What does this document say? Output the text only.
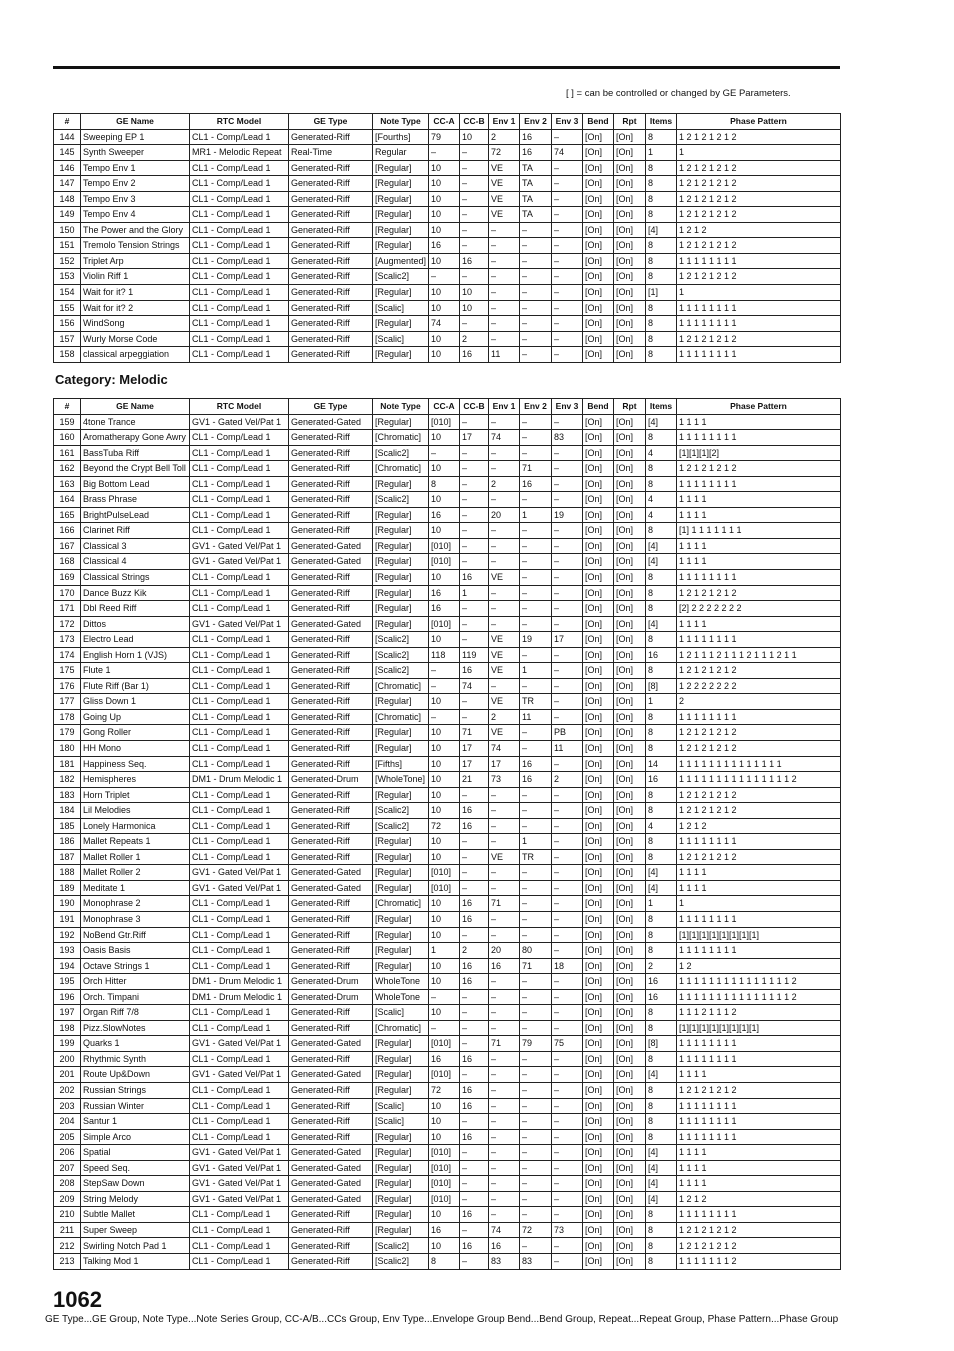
[ ] = can be controlled or changed by GE Parameters.
#	GE Name	RTC Model	GE Type	Note Type	CC-A	CC-B	Env 1	Env 2	Env 3	Bend	Rpt	Items	Phase Pattern
144	Sweeping EP 1	CL1 - Comp/Lead 1	Generated-Riff	[Fourths]	79	10	2	16	–	[On]	[On]	8	1 2 1 2 1 2 1 2
145	Synth Sweeper	MR1 - Melodic Repeat	Real-Time	Regular	–	–	72	16	74	[On]	[On]	1	1
146	Tempo Env 1	CL1 - Comp/Lead 1	Generated-Riff	[Regular]	10	–	VE	TA	–	[On]	[On]	8	1 2 1 2 1 2 1 2
147	Tempo Env 2	CL1 - Comp/Lead 1	Generated-Riff	[Regular]	10	–	VE	TA	–	[On]	[On]	8	1 2 1 2 1 2 1 2
148	Tempo Env 3	CL1 - Comp/Lead 1	Generated-Riff	[Regular]	10	–	VE	TA	–	[On]	[On]	8	1 2 1 2 1 2 1 2
149	Tempo Env 4	CL1 - Comp/Lead 1	Generated-Riff	[Regular]	10	–	VE	TA	–	[On]	[On]	8	1 2 1 2 1 2 1 2
150	The Power and the Glory	CL1 - Comp/Lead 1	Generated-Riff	[Regular]	10	–	–	–	–	[On]	[On]	[4]	1 2 1 2
151	Tremolo Tension Strings	CL1 - Comp/Lead 1	Generated-Riff	[Regular]	16	–	–	–	–	[On]	[On]	8	1 2 1 2 1 2 1 2
152	Triplet Arp	CL1 - Comp/Lead 1	Generated-Riff	[Augmented]	10	16	–	–	–	[On]	[On]	8	1 1 1 1 1 1 1 1
153	Violin Riff 1	CL1 - Comp/Lead 1	Generated-Riff	[Scalic2]	–	–	–	–	–	[On]	[On]	8	1 2 1 2 1 2 1 2
154	Wait for it? 1	CL1 - Comp/Lead 1	Generated-Riff	[Regular]	10	10	–	–	–	[On]	[On]	[1]	1
155	Wait for it? 2	CL1 - Comp/Lead 1	Generated-Riff	[Scalic]	10	10	–	–	–	[On]	[On]	8	1 1 1 1 1 1 1 1
156	WindSong	CL1 - Comp/Lead 1	Generated-Riff	[Regular]	74	–	–	–	–	[On]	[On]	8	1 1 1 1 1 1 1 1
157	Wurly Morse Code	CL1 - Comp/Lead 1	Generated-Riff	[Scalic]	10	2	–	–	–	[On]	[On]	8	1 2 1 2 1 2 1 2
158	classical arpeggiation	CL1 - Comp/Lead 1	Generated-Riff	[Regular]	10	16	11	–	–	[On]	[On]	8	1 1 1 1 1 1 1 1
Category: Melodic
#	GE Name	RTC Model	GE Type	Note Type	CC-A	CC-B	Env 1	Env 2	Env 3	Bend	Rpt	Items	Phase Pattern
159	4tone Trance	GV1 - Gated Vel/Pat 1	Generated-Gated	[Regular]	[010]	–	–	–	–	[On]	[On]	[4]	1 1 1 1
160	Aromatherapy Gone Awry	CL1 - Comp/Lead 1	Generated-Riff	[Chromatic]	10	17	74	–	83	[On]	[On]	8	1 1 1 1 1 1 1 1
161	BassTuba Riff	CL1 - Comp/Lead 1	Generated-Riff	[Scalic2]	–	–	–	–	–	[On]	[On]	4	[1][1][1][2]
162	Beyond the Crypt Bell Toll	CL1 - Comp/Lead 1	Generated-Riff	[Chromatic]	10	–	–	71	–	[On]	[On]	8	1 2 1 2 1 2 1 2
163	Big Bottom Lead	CL1 - Comp/Lead 1	Generated-Riff	[Regular]	8	–	2	16	–	[On]	[On]	8	1 1 1 1 1 1 1 1
164	Brass Phrase	CL1 - Comp/Lead 1	Generated-Riff	[Scalic2]	10	–	–	–	–	[On]	[On]	4	1 1 1 1
165	BrightPulseLead	CL1 - Comp/Lead 1	Generated-Riff	[Regular]	16	–	20	1	19	[On]	[On]	4	1 1 1 1
166	Clarinet Riff	CL1 - Comp/Lead 1	Generated-Riff	[Regular]	10	–	–	–	–	[On]	[On]	8	[1] 1 1 1 1 1 1 1
167	Classical 3	GV1 - Gated Vel/Pat 1	Generated-Gated	[Regular]	[010]	–	–	–	–	[On]	[On]	[4]	1 1 1 1
168	Classical 4	GV1 - Gated Vel/Pat 1	Generated-Gated	[Regular]	[010]	–	–	–	–	[On]	[On]	[4]	1 1 1 1
169	Classical Strings	CL1 - Comp/Lead 1	Generated-Riff	[Regular]	10	16	VE	–	–	[On]	[On]	8	1 1 1 1 1 1 1 1
170	Dance Buzz Kik	CL1 - Comp/Lead 1	Generated-Riff	[Regular]	16	1	–	–	–	[On]	[On]	8	1 2 1 2 1 2 1 2
171	Dbl Reed Riff	CL1 - Comp/Lead 1	Generated-Riff	[Regular]	16	–	–	–	–	[On]	[On]	8	[2] 2 2 2 2 2 2 2
172	Dittos	GV1 - Gated Vel/Pat 1	Generated-Gated	[Regular]	[010]	–	–	–	–	[On]	[On]	[4]	1 1 1 1
173	Electro Lead	CL1 - Comp/Lead 1	Generated-Riff	[Scalic2]	10	–	VE	19	17	[On]	[On]	8	1 1 1 1 1 1 1 1
174	English Horn 1 (VJS)	CL1 - Comp/Lead 1	Generated-Riff	[Scalic2]	118	119	VE	–	–	[On]	[On]	16	1 2 1 1 1 2 1 1 1 2 1 1 1 2 1 1
175	Flute 1	CL1 - Comp/Lead 1	Generated-Riff	[Scalic2]	–	16	VE	1	–	[On]	[On]	8	1 2 1 2 1 2 1 2
176	Flute Riff (Bar 1)	CL1 - Comp/Lead 1	Generated-Riff	[Chromatic]	–	74	–	–	–	[On]	[On]	[8]	1 2 2 2 2 2 2 2
177	Gliss Down 1	CL1 - Comp/Lead 1	Generated-Riff	[Regular]	10	–	VE	TR	–	[On]	[On]	1	2
178	Going Up	CL1 - Comp/Lead 1	Generated-Riff	[Chromatic]	–	–	2	11	–	[On]	[On]	8	1 1 1 1 1 1 1 1
179	Gong Roller	CL1 - Comp/Lead 1	Generated-Riff	[Regular]	10	71	VE	–	PB	[On]	[On]	8	1 2 1 2 1 2 1 2
180	HH Mono	CL1 - Comp/Lead 1	Generated-Riff	[Regular]	10	17	74	–	11	[On]	[On]	8	1 2 1 2 1 2 1 2
181	Happiness Seq.	CL1 - Comp/Lead 1	Generated-Riff	[Fifths]	10	17	17	16	–	[On]	[On]	14	1 1 1 1 1 1 1 1 1 1 1 1 1 1
182	Hemispheres	DM1 - Drum Melodic 1	Generated-Drum	[WholeTone]	10	21	73	16	2	[On]	[On]	16	1 1 1 1 1 1 1 1 1 1 1 1 1 1 1 2
183	Horn Triplet	CL1 - Comp/Lead 1	Generated-Riff	[Regular]	10	–	–	–	–	[On]	[On]	8	1 2 1 2 1 2 1 2
184	Lil Melodies	CL1 - Comp/Lead 1	Generated-Riff	[Scalic2]	10	16	–	–	–	[On]	[On]	8	1 2 1 2 1 2 1 2
185	Lonely Harmonica	CL1 - Comp/Lead 1	Generated-Riff	[Scalic2]	72	16	–	–	–	[On]	[On]	4	1 2 1 2
186	Mallet Repeats 1	CL1 - Comp/Lead 1	Generated-Riff	[Regular]	10	–	–	1	–	[On]	[On]	8	1 1 1 1 1 1 1 1
187	Mallet Roller 1	CL1 - Comp/Lead 1	Generated-Riff	[Regular]	10	–	VE	TR	–	[On]	[On]	8	1 2 1 2 1 2 1 2
188	Mallet Roller 2	GV1 - Gated Vel/Pat 1	Generated-Gated	[Regular]	[010]	–	–	–	–	[On]	[On]	[4]	1 1 1 1
189	Meditate 1	GV1 - Gated Vel/Pat 1	Generated-Gated	[Regular]	[010]	–	–	–	–	[On]	[On]	[4]	1 1 1 1
190	Monophrase 2	CL1 - Comp/Lead 1	Generated-Riff	[Chromatic]	10	16	71	–	–	[On]	[On]	1	1
191	Monophrase 3	CL1 - Comp/Lead 1	Generated-Riff	[Regular]	10	16	–	–	–	[On]	[On]	8	1 1 1 1 1 1 1 1
192	NoBend Gtr.Riff	CL1 - Comp/Lead 1	Generated-Riff	[Regular]	10	–	–	–	–	[On]	[On]	8	[1][1][1][1][1][1][1][1]
193	Oasis Basis	CL1 - Comp/Lead 1	Generated-Riff	[Regular]	1	2	20	80	–	[On]	[On]	8	1 1 1 1 1 1 1 1
194	Octave Strings 1	CL1 - Comp/Lead 1	Generated-Riff	[Regular]	10	16	16	71	18	[On]	[On]	2	1 2
195	Orch Hitter	DM1 - Drum Melodic 1	Generated-Drum	WholeTone	10	16	–	–	–	[On]	[On]	16	1 1 1 1 1 1 1 1 1 1 1 1 1 1 1 2
196	Orch. Timpani	DM1 - Drum Melodic 1	Generated-Drum	WholeTone	–	–	–	–	–	[On]	[On]	16	1 1 1 1 1 1 1 1 1 1 1 1 1 1 1 2
197	Organ Riff 7/8	CL1 - Comp/Lead 1	Generated-Riff	[Scalic]	10	–	–	–	–	[On]	[On]	8	1 1 1 2 1 1 1 2
198	Pizz.SlowNotes	CL1 - Comp/Lead 1	Generated-Riff	[Chromatic]	–	–	–	–	–	[On]	[On]	8	[1][1][1][1][1][1][1][1]
199	Quarks 1	GV1 - Gated Vel/Pat 1	Generated-Gated	[Regular]	[010]	–	71	79	75	[On]	[On]	[8]	1 1 1 1 1 1 1 1
200	Rhythmic Synth	CL1 - Comp/Lead 1	Generated-Riff	[Regular]	16	16	–	–	–	[On]	[On]	8	1 1 1 1 1 1 1 1
201	Route Up&Down	GV1 - Gated Vel/Pat 1	Generated-Gated	[Regular]	[010]	–	–	–	–	[On]	[On]	[4]	1 1 1 1
202	Russian Strings	CL1 - Comp/Lead 1	Generated-Riff	[Regular]	72	16	–	–	–	[On]	[On]	8	1 2 1 2 1 2 1 2
203	Russian Winter	CL1 - Comp/Lead 1	Generated-Riff	[Scalic]	10	16	–	–	–	[On]	[On]	8	1 1 1 1 1 1 1 1
204	Santur 1	CL1 - Comp/Lead 1	Generated-Riff	[Scalic]	10	–	–	–	–	[On]	[On]	8	1 1 1 1 1 1 1 1
205	Simple Arco	CL1 - Comp/Lead 1	Generated-Riff	[Regular]	10	16	–	–	–	[On]	[On]	8	1 1 1 1 1 1 1 1
206	Spatial	GV1 - Gated Vel/Pat 1	Generated-Gated	[Regular]	[010]	–	–	–	–	[On]	[On]	[4]	1 1 1 1
207	Speed Seq.	GV1 - Gated Vel/Pat 1	Generated-Gated	[Regular]	[010]	–	–	–	–	[On]	[On]	[4]	1 1 1 1
208	StepSaw Down	GV1 - Gated Vel/Pat 1	Generated-Gated	[Regular]	[010]	–	–	–	–	[On]	[On]	[4]	1 1 1 1
209	String Melody	GV1 - Gated Vel/Pat 1	Generated-Gated	[Regular]	[010]	–	–	–	–	[On]	[On]	[4]	1 2 1 2
210	Subtle Mallet	CL1 - Comp/Lead 1	Generated-Riff	[Regular]	10	16	–	–	–	[On]	[On]	8	1 1 1 1 1 1 1 1
211	Super Sweep	CL1 - Comp/Lead 1	Generated-Riff	[Regular]	16	–	74	72	73	[On]	[On]	8	1 2 1 2 1 2 1 2
212	Swirling Notch Pad 1	CL1 - Comp/Lead 1	Generated-Riff	[Scalic2]	10	16	16	–	–	[On]	[On]	8	1 2 1 2 1 2 1 2
213	Talking Mod 1	CL1 - Comp/Lead 1	Generated-Riff	[Scalic2]	8	–	83	83	–	[On]	[On]	8	1 1 1 1 1 1 1 2
1062
GE Type...GE Group, Note Type...Note Series Group, CC-A/B...CCs Group, Env Type...Envelope Group Bend...Bend Group, Repeat...Repeat Group, Phase Pattern...Phase Group
